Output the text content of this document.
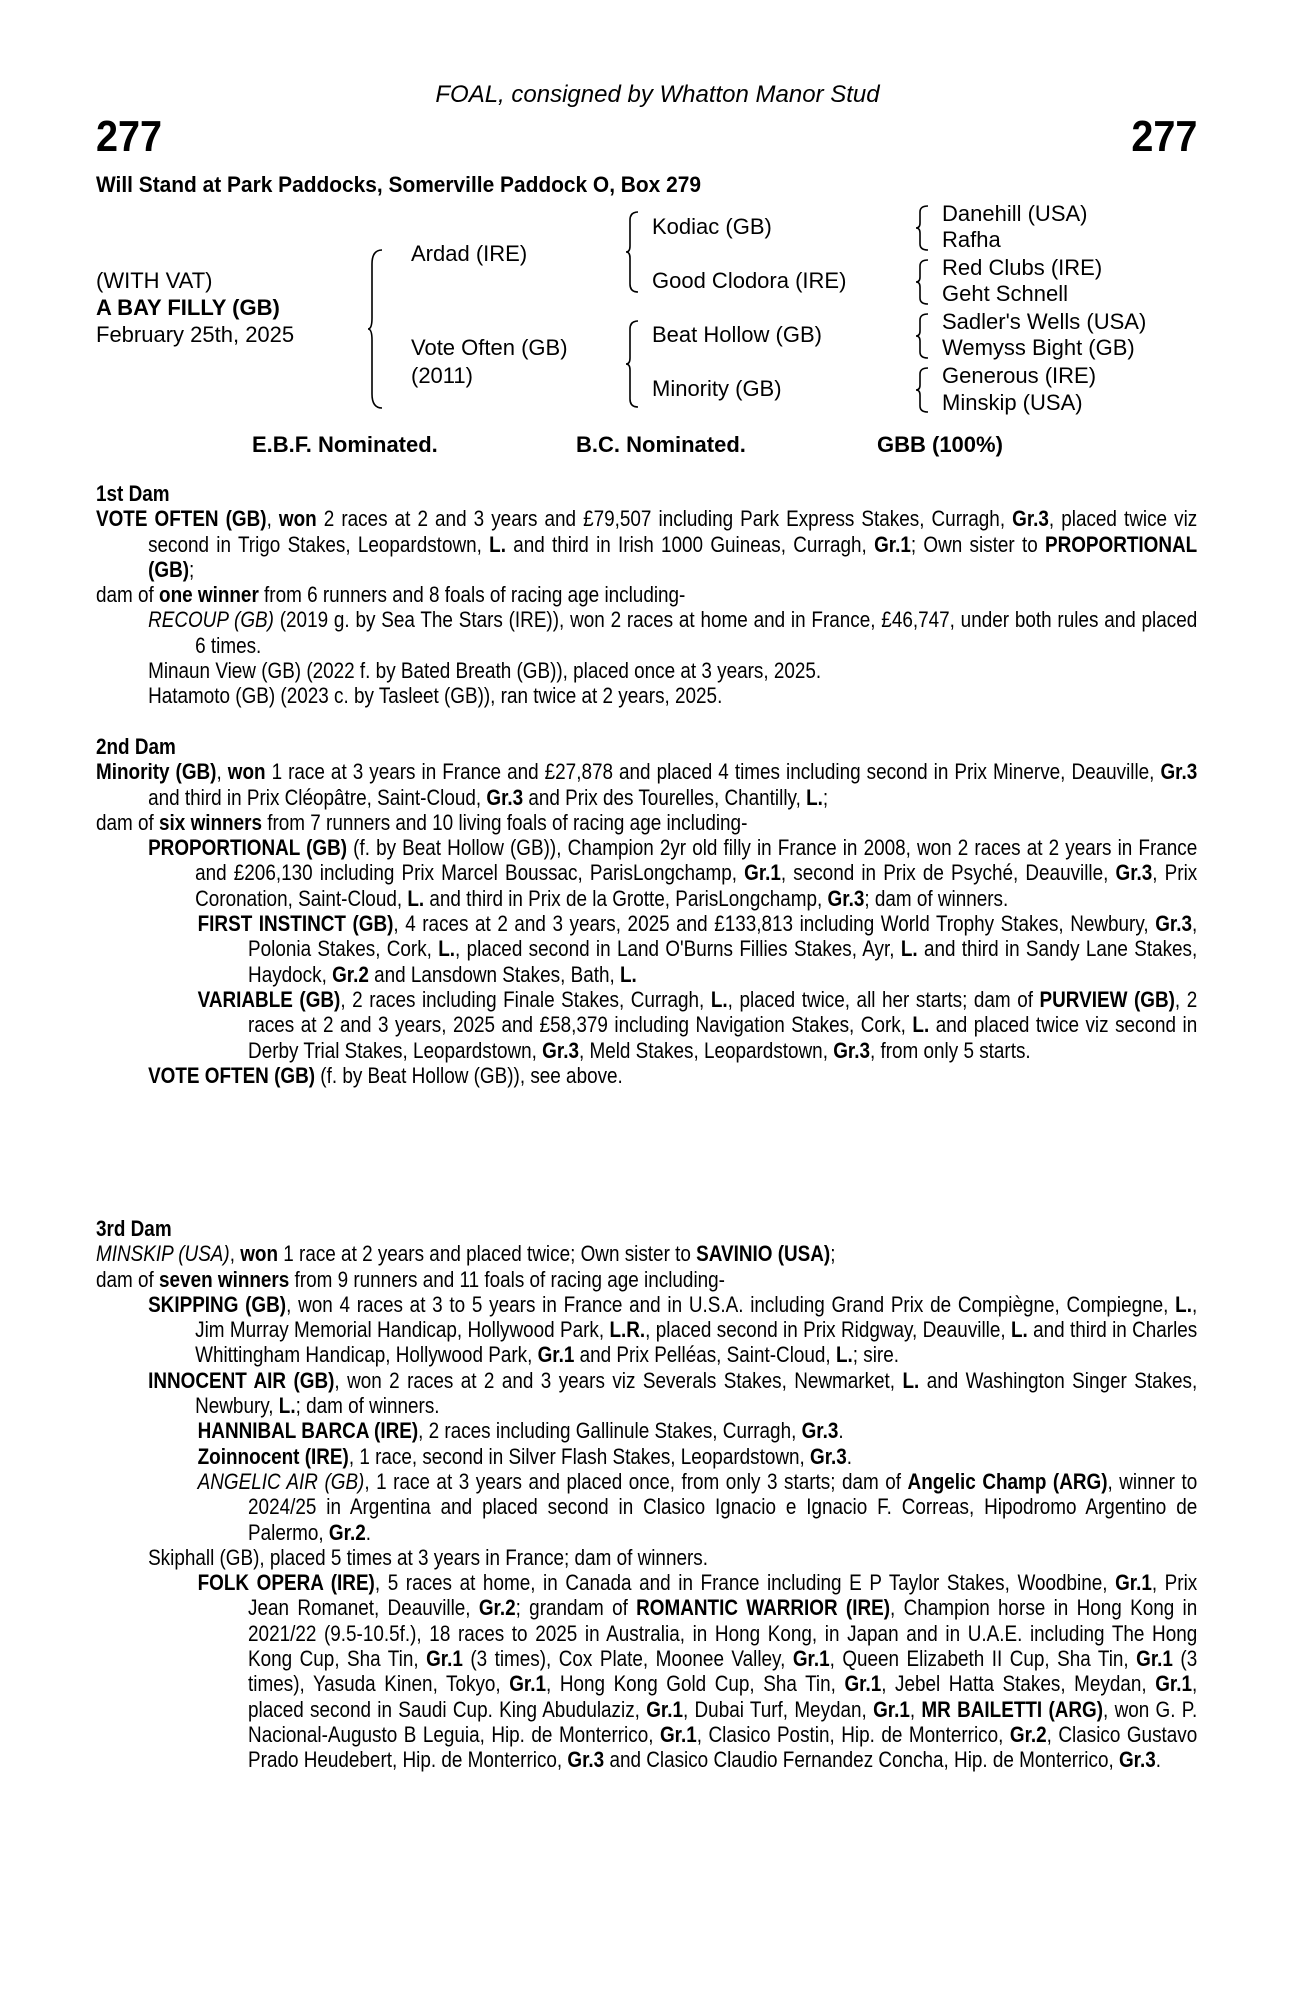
FOAL, consigned by Whatton Manor Stud
277	277
Will Stand at Park Paddocks, Somerville Paddock O, Box 279
(WITH VAT)
A BAY FILLY (GB)
February 25th, 2025
Ardad (IRE)
Vote Often (GB)
(2011)
Kodiac (GB)
Good Clodora (IRE)
Beat Hollow (GB)
Minority (GB)
Danehill (USA)
Rafha
Red Clubs (IRE)
Geht Schnell
Sadler's Wells (USA)
Wemyss Bight (GB)
Generous (IRE)
Minskip (USA)
E.B.F. Nominated.	B.C. Nominated.	GBB (100%)
1st Dam

VOTE OFTEN (GB), won 2 races at 2 and 3 years and £79,507 including Park Express Stakes, Curragh, Gr.3, placed twice viz second in Trigo Stakes, Leopardstown, L. and third in Irish 1000 Guineas, Curragh, Gr.1; Own sister to PROPORTIONAL (GB);

dam of one winner from 6 runners and 8 foals of racing age including-

RECOUP (GB) (2019 g. by Sea The Stars (IRE)), won 2 races at home and in France, £46,747, under both rules and placed 6 times.

Minaun View (GB) (2022 f. by Bated Breath (GB)), placed once at 3 years, 2025.

Hatamoto (GB) (2023 c. by Tasleet (GB)), ran twice at 2 years, 2025.

2nd Dam

Minority (GB), won 1 race at 3 years in France and £27,878 and placed 4 times including second in Prix Minerve, Deauville, Gr.3 and third in Prix Cléopâtre, Saint-Cloud, Gr.3 and Prix des Tourelles, Chantilly, L.;

dam of six winners from 7 runners and 10 living foals of racing age including-

PROPORTIONAL (GB) (f. by Beat Hollow (GB)), Champion 2yr old filly in France in 2008, won 2 races at 2 years in France and £206,130 including Prix Marcel Boussac, ParisLongchamp, Gr.1, second in Prix de Psyché, Deauville, Gr.3, Prix Coronation, Saint-Cloud, L. and third in Prix de la Grotte, ParisLongchamp, Gr.3; dam of winners.

FIRST INSTINCT (GB), 4 races at 2 and 3 years, 2025 and £133,813 including World Trophy Stakes, Newbury, Gr.3, Polonia Stakes, Cork, L., placed second in Land O'Burns Fillies Stakes, Ayr, L. and third in Sandy Lane Stakes, Haydock, Gr.2 and Lansdown Stakes, Bath, L.

VARIABLE (GB), 2 races including Finale Stakes, Curragh, L., placed twice, all her starts; dam of PURVIEW (GB), 2 races at 2 and 3 years, 2025 and £58,379 including Navigation Stakes, Cork, L. and placed twice viz second in Derby Trial Stakes, Leopardstown, Gr.3, Meld Stakes, Leopardstown, Gr.3, from only 5 starts.

VOTE OFTEN (GB) (f. by Beat Hollow (GB)), see above.

3rd Dam

MINSKIP (USA), won 1 race at 2 years and placed twice; Own sister to SAVINIO (USA);

dam of seven winners from 9 runners and 11 foals of racing age including-

SKIPPING (GB), won 4 races at 3 to 5 years in France and in U.S.A. including Grand Prix de Compiègne, Compiegne, L., Jim Murray Memorial Handicap, Hollywood Park, L.R., placed second in Prix Ridgway, Deauville, L. and third in Charles Whittingham Handicap, Hollywood Park, Gr.1 and Prix Pelléas, Saint-Cloud, L.; sire.

INNOCENT AIR (GB), won 2 races at 2 and 3 years viz Severals Stakes, Newmarket, L. and Washington Singer Stakes, Newbury, L.; dam of winners.

HANNIBAL BARCA (IRE), 2 races including Gallinule Stakes, Curragh, Gr.3.

Zoinnocent (IRE), 1 race, second in Silver Flash Stakes, Leopardstown, Gr.3.

ANGELIC AIR (GB), 1 race at 3 years and placed once, from only 3 starts; dam of Angelic Champ (ARG), winner to 2024/25 in Argentina and placed second in Clasico Ignacio e Ignacio F. Correas, Hipodromo Argentino de Palermo, Gr.2.

Skiphall (GB), placed 5 times at 3 years in France; dam of winners.

FOLK OPERA (IRE), 5 races at home, in Canada and in France including E P Taylor Stakes, Woodbine, Gr.1, Prix Jean Romanet, Deauville, Gr.2; grandam of ROMANTIC WARRIOR (IRE), Champion horse in Hong Kong in 2021/22 (9.5-10.5f.), 18 races to 2025 in Australia, in Hong Kong, in Japan and in U.A.E. including The Hong Kong Cup, Sha Tin, Gr.1 (3 times), Cox Plate, Moonee Valley, Gr.1, Queen Elizabeth II Cup, Sha Tin, Gr.1 (3 times), Yasuda Kinen, Tokyo, Gr.1, Hong Kong Gold Cup, Sha Tin, Gr.1, Jebel Hatta Stakes, Meydan, Gr.1, placed second in Saudi Cup. King Abudulaziz, Gr.1, Dubai Turf, Meydan, Gr.1, MR BAILETTI (ARG), won G. P. Nacional-Augusto B Leguia, Hip. de Monterrico, Gr.1, Clasico Postin, Hip. de Monterrico, Gr.2, Clasico Gustavo Prado Heudebert, Hip. de Monterrico, Gr.3 and Clasico Claudio Fernandez Concha, Hip. de Monterrico, Gr.3.
